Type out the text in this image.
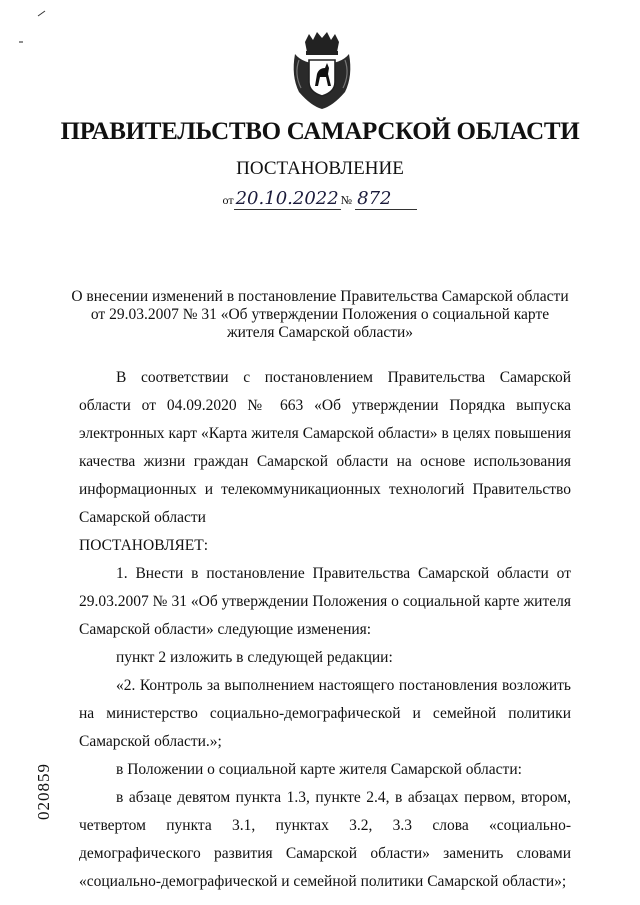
ПРАВИТЕЛЬСТВО САМАРСКОЙ ОБЛАСТИ
ПОСТАНОВЛЕНИЕ
от 20.10.2022 № 872
О внесении изменений в постановление Правительства Самарской области от 29.03.2007 № 31 «Об утверждении Положения о социальной карте жителя Самарской области»

В соответствии с постановлением Правительства Самарской области от 04.09.2020 № 663 «Об утверждении Порядка выпуска электронных карт «Карта жителя Самарской области» в целях повышения качества жизни граждан Самарской области на основе использования информационных и телекоммуникационных технологий Правительство Самарской области

ПОСТАНОВЛЯЕТ:

1. Внести в постановление Правительства Самарской области от 29.03.2007 № 31 «Об утверждении Положения о социальной карте жителя Самарской области» следующие изменения:

пункт 2 изложить в следующей редакции:

«2. Контроль за выполнением настоящего постановления возложить на министерство социально-демографической и семейной политики Самарской области.»;

в Положении о социальной карте жителя Самарской области:

в абзаце девятом пункта 1.3, пункте 2.4, в абзацах первом, втором, четвертом пункта 3.1, пунктах 3.2, 3.3 слова «социально-демографического развития Самарской области» заменить словами «социально-демографической и семейной политики Самарской области»;

020859
